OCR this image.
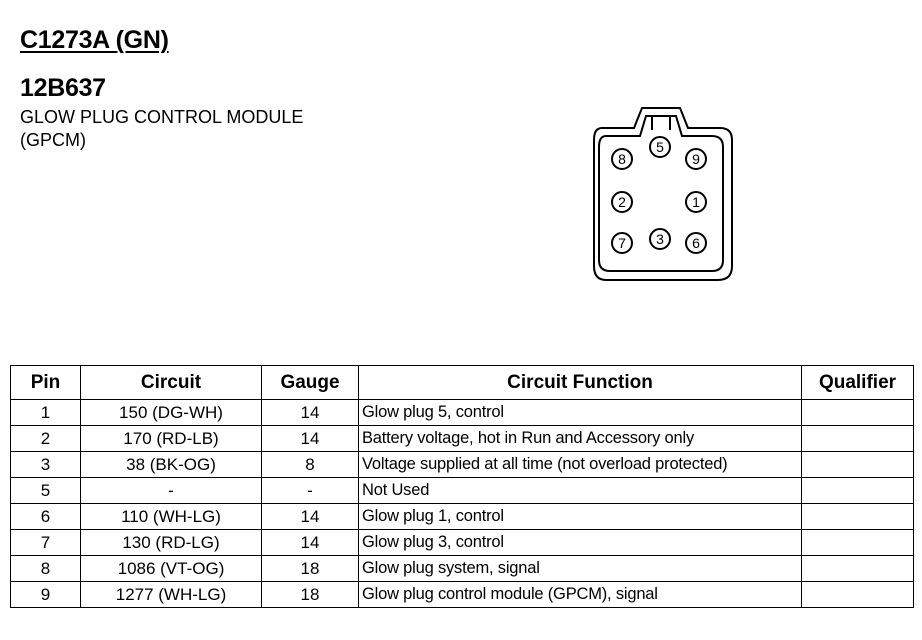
C1273A (GN)
12B637
GLOW PLUG CONTROL MODULE
(GPCM)
8
5
9
2	1
7 3 6
Pin	Circuit	Gauge	Circuit Function	Qualifier
1	150 (DG-WH)	14	Glow plug 5, control	
2	170 (RD-LB)	14	Battery voltage, hot in Run and Accessory only	
3	38 (BK-OG)	8	Voltage supplied at all time (not overload protected)	
5	-	-	Not Used	
6	110 (WH-LG)	14	Glow plug 1, control	
7	130 (RD-LG)	14	Glow plug 3, control	
8	1086 (VT-OG)	18	Glow plug system, signal	
9	1277 (WH-LG)	18	Glow plug control module (GPCM), signal	
